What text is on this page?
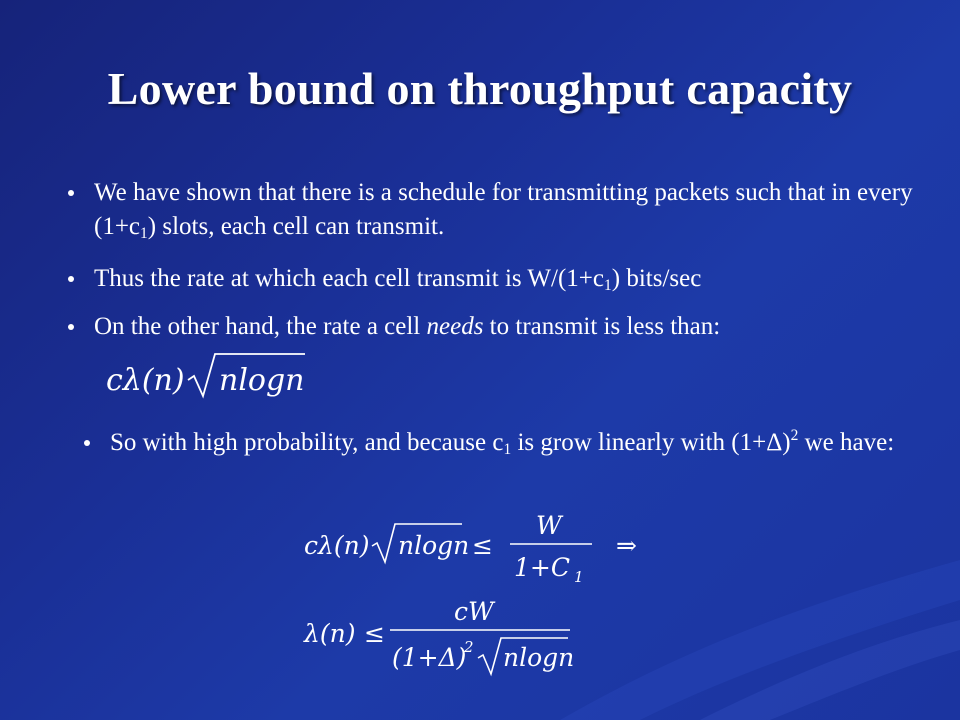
Lower bound on throughput capacity
We have shown that there is a schedule for transmitting packets such that in every $(1+c_1)$ slots, each cell can transmit.
Thus the rate at which each cell transmit is $W/(1+c_1)$ bits/sec
On the other hand, the rate a cell needs to transmit is less than:
cλ(n) nlogn
So with high probability, and because $c_1$ is grow linearly with $(1+\Delta)^2$ we have:
cλ(n) nlogn ≤
W
1+C 1
⇒
λ(n) ≤
cW
(1+Δ)
2 nlogn
